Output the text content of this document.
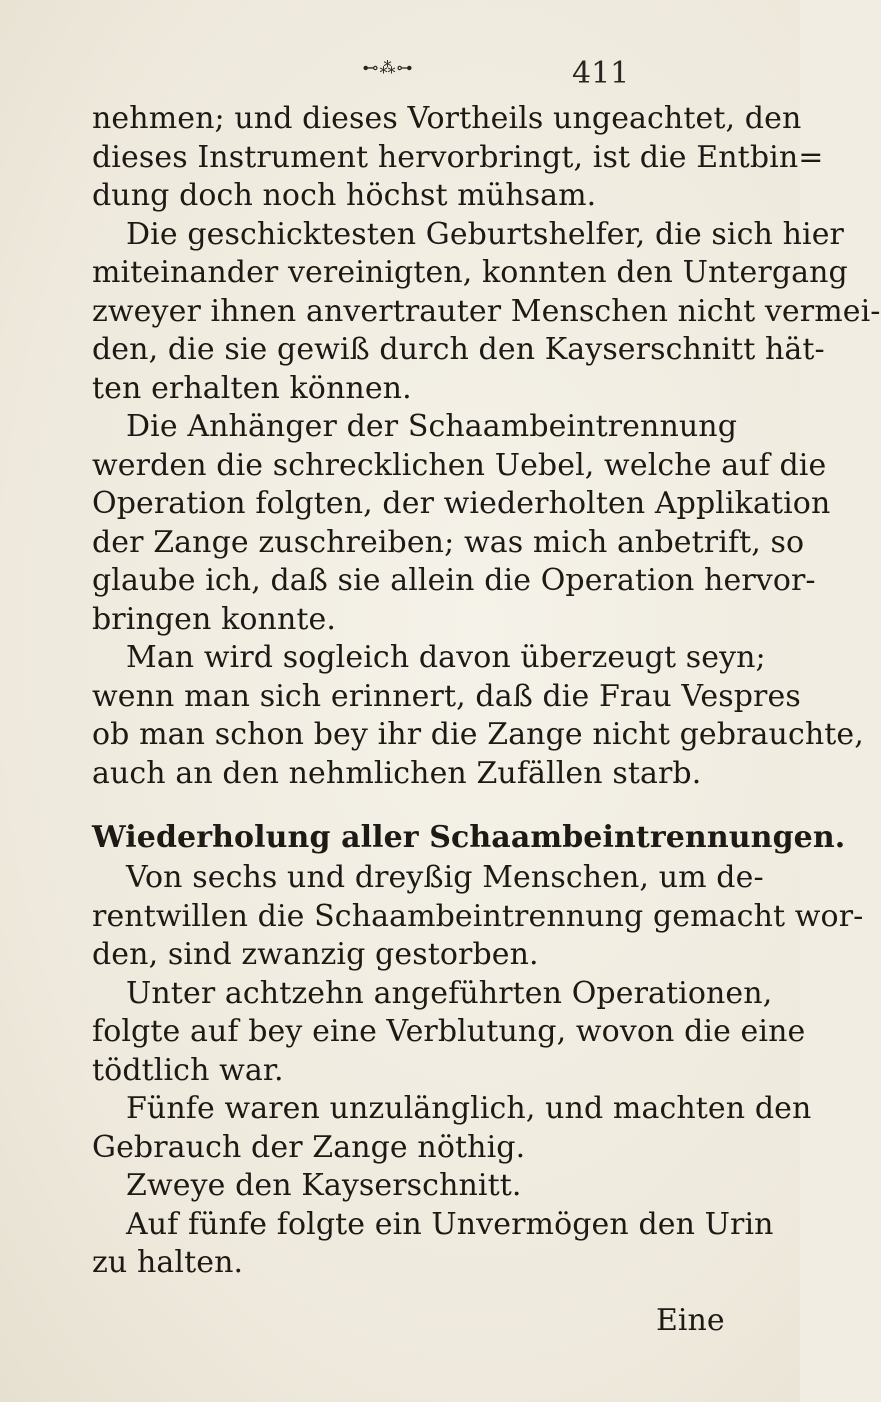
⊷⁂⊶	411
nehmen; und dieses Vortheils ungeachtet, den
dieses Instrument hervorbringt, ist die Entbin=
dung doch noch höchst mühsam.
Die geschicktesten Geburtshelfer, die sich hier
miteinander vereinigten, konnten den Untergang
zweyer ihnen anvertrauter Menschen nicht vermei-
den, die sie gewiß durch den Kayserschnitt hät-
ten erhalten können.
Die Anhänger der Schaambeintrennung
werden die schrecklichen Uebel, welche auf die
Operation folgten, der wiederholten Applikation
der Zange zuschreiben; was mich anbetrift, so
glaube ich, daß sie allein die Operation hervor-
bringen konnte.
Man wird sogleich davon überzeugt seyn;
wenn man sich erinnert, daß die Frau Vespres
ob man schon bey ihr die Zange nicht gebrauchte,
auch an den nehmlichen Zufällen starb.
Wiederholung aller Schaambeintrennungen.
Von sechs und dreyßig Menschen, um de-
rentwillen die Schaambeintrennung gemacht wor-
den, sind zwanzig gestorben.
Unter achtzehn angeführten Operationen,
folgte auf bey eine Verblutung, wovon die eine
tödtlich war.
Fünfe waren unzulänglich, und machten den
Gebrauch der Zange nöthig.
Zweye den Kayserschnitt.
Auf fünfe folgte ein Unvermögen den Urin
zu halten.
Eine
